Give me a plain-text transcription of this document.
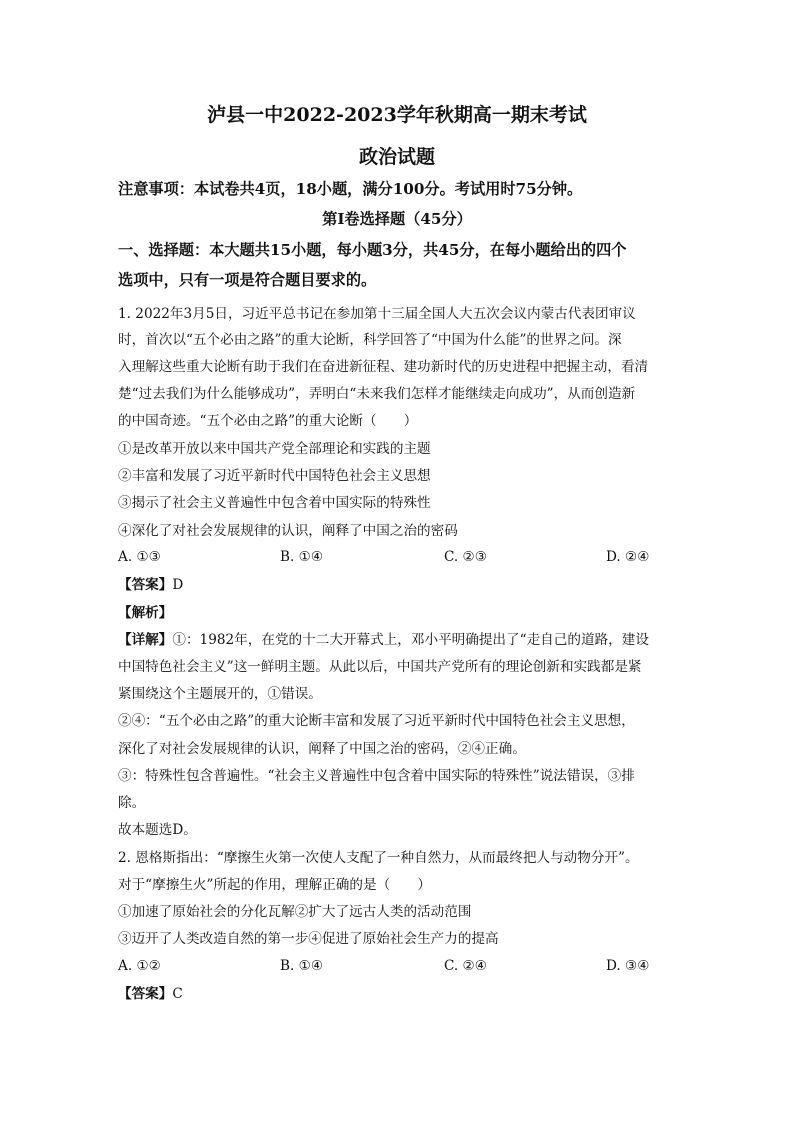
泸县一中2022-2023学年秋期高一期末考试
政治试题
注意事项：本试卷共4页，18小题，满分100分。考试用时75分钟。
第I卷选择题（45分）
一、选择题：本大题共15小题，每小题3分，共45分，在每小题给出的四个
选项中，只有一项是符合题目要求的。
1. 2022年3月5日，习近平总书记在参加第十三届全国人大五次会议内蒙古代表团审议
时，首次以“五个必由之路”的重大论断，科学回答了“中国为什么能”的世界之问。深
入理解这些重大论断有助于我们在奋进新征程、建功新时代的历史进程中把握主动，看清
楚“过去我们为什么能够成功”，弄明白“未来我们怎样才能继续走向成功”，从而创造新
的中国奇迹。“五个必由之路”的重大论断（　　）
①是改革开放以来中国共产党全部理论和实践的主题
②丰富和发展了习近平新时代中国特色社会主义思想
③揭示了社会主义普遍性中包含着中国实际的特殊性
④深化了对社会发展规律的认识，阐释了中国之治的密码
A. ①③	B. ①④	C. ②③	D. ②④
【答案】D
【解析】
【详解】①：1982年，在党的十二大开幕式上，邓小平明确提出了“走自己的道路，建设
中国特色社会主义”这一鲜明主题。从此以后，中国共产党所有的理论创新和实践都是紧
紧围绕这个主题展开的，①错误。
②④：“五个必由之路”的重大论断丰富和发展了习近平新时代中国特色社会主义思想，
深化了对社会发展规律的认识，阐释了中国之治的密码，②④正确。
③：特殊性包含普遍性。“社会主义普遍性中包含着中国实际的特殊性”说法错误，③排
除。
故本题选D。
2. 恩格斯指出：“摩擦生火第一次使人支配了一种自然力，从而最终把人与动物分开”。
对于“摩擦生火”所起的作用，理解正确的是（　　）
①加速了原始社会的分化瓦解②扩大了远古人类的活动范围
③迈开了人类改造自然的第一步④促进了原始社会生产力的提高
A. ①②	B. ①④	C. ②④	D. ③④
【答案】C
